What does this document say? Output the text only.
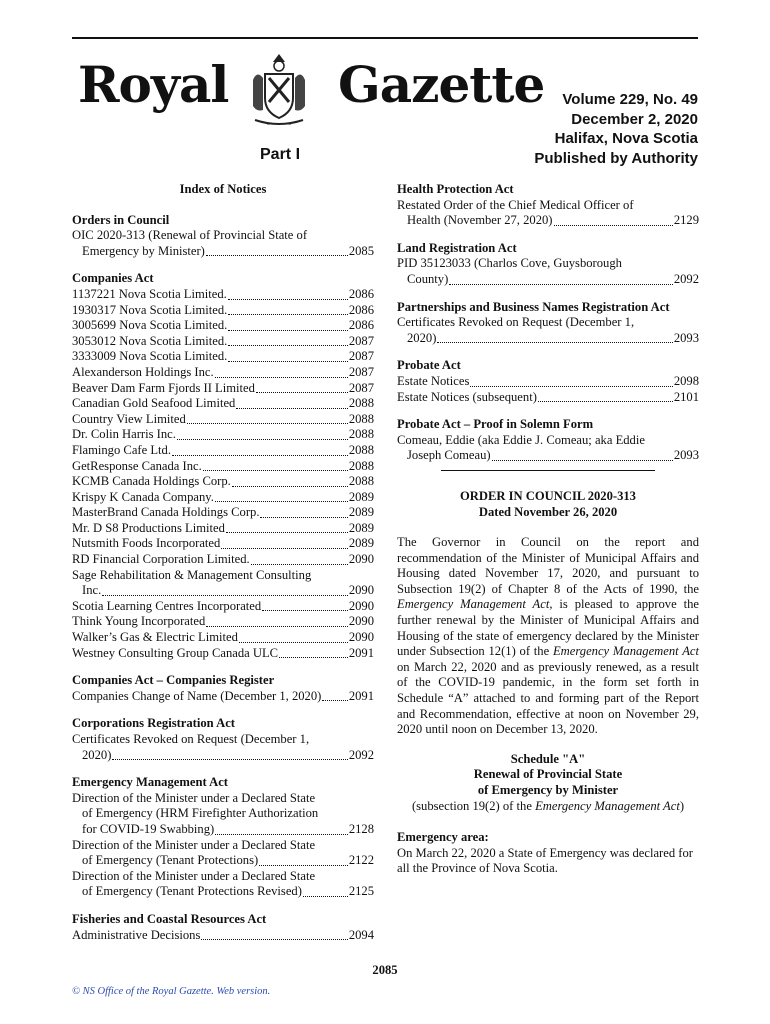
Royal Gazette
Part I
Volume 229, No. 49
December 2, 2020
Halifax, Nova Scotia
Published by Authority
Index of Notices
Orders in Council
OIC 2020-313 (Renewal of Provincial State of
Emergency by Minister)	2085
Companies Act
1137221 Nova Scotia Limited.	2086
1930317 Nova Scotia Limited.	2086
3005699 Nova Scotia Limited.	2086
3053012 Nova Scotia Limited.	2087
3333009 Nova Scotia Limited.	2087
Alexanderson Holdings Inc.	2087
Beaver Dam Farm Fjords II Limited	2087
Canadian Gold Seafood Limited	2088
Country View Limited	2088
Dr. Colin Harris Inc.	2088
Flamingo Cafe Ltd.	2088
GetResponse Canada Inc.	2088
KCMB Canada Holdings Corp.	2088
Krispy K Canada Company.	2089
MasterBrand Canada Holdings Corp.	2089
Mr. D S8 Productions Limited	2089
Nutsmith Foods Incorporated	2089
RD Financial Corporation Limited.	2090
Sage Rehabilitation & Management Consulting
Inc.	2090
Scotia Learning Centres Incorporated	2090
Think Young Incorporated	2090
Walker’s Gas & Electric Limited	2090
Westney Consulting Group Canada ULC	2091
Companies Act – Companies Register
Companies Change of Name (December 1, 2020) 2091
Corporations Registration Act
Certificates Revoked on Request (December 1,
2020)	2092
Emergency Management Act
Direction of the Minister under a Declared State
of Emergency (HRM Firefighter Authorization
for COVID-19 Swabbing)	2128
Direction of the Minister under a Declared State
of Emergency (Tenant Protections)	2122
Direction of the Minister under a Declared State
of Emergency (Tenant Protections Revised)	2125
Fisheries and Coastal Resources Act
Administrative Decisions	2094
Health Protection Act
Restated Order of the Chief Medical Officer of
Health (November 27, 2020)	2129
Land Registration Act
PID 35123033 (Charlos Cove, Guysborough
County)	2092
Partnerships and Business Names Registration Act
Certificates Revoked on Request (December 1,
2020)	2093
Probate Act
Estate Notices	2098
Estate Notices (subsequent)	2101
Probate Act – Proof in Solemn Form
Comeau, Eddie (aka Eddie J. Comeau; aka Eddie
Joseph Comeau)	2093
ORDER IN COUNCIL 2020-313
Dated November 26, 2020
The Governor in Council on the report and recommendation of the Minister of Municipal Affairs and Housing dated November 17, 2020, and pursuant to Subsection 19(2) of Chapter 8 of the Acts of 1990, the Emergency Management Act, is pleased to approve the further renewal by the Minister of Municipal Affairs and Housing of the state of emergency declared by the Minister under Subsection 12(1) of the Emergency Management Act on March 22, 2020 and as previously renewed, as a result of the COVID-19 pandemic, in the form set forth in Schedule “A” attached to and forming part of the Report and Recommendation, effective at noon on November 29, 2020 until noon on December 13, 2020.
Schedule "A"
Renewal of Provincial State
of Emergency by Minister
(subsection 19(2) of the Emergency Management Act)
Emergency area:
On March 22, 2020 a State of Emergency was declared for all the Province of Nova Scotia.
2085
© NS Office of the Royal Gazette. Web version.
